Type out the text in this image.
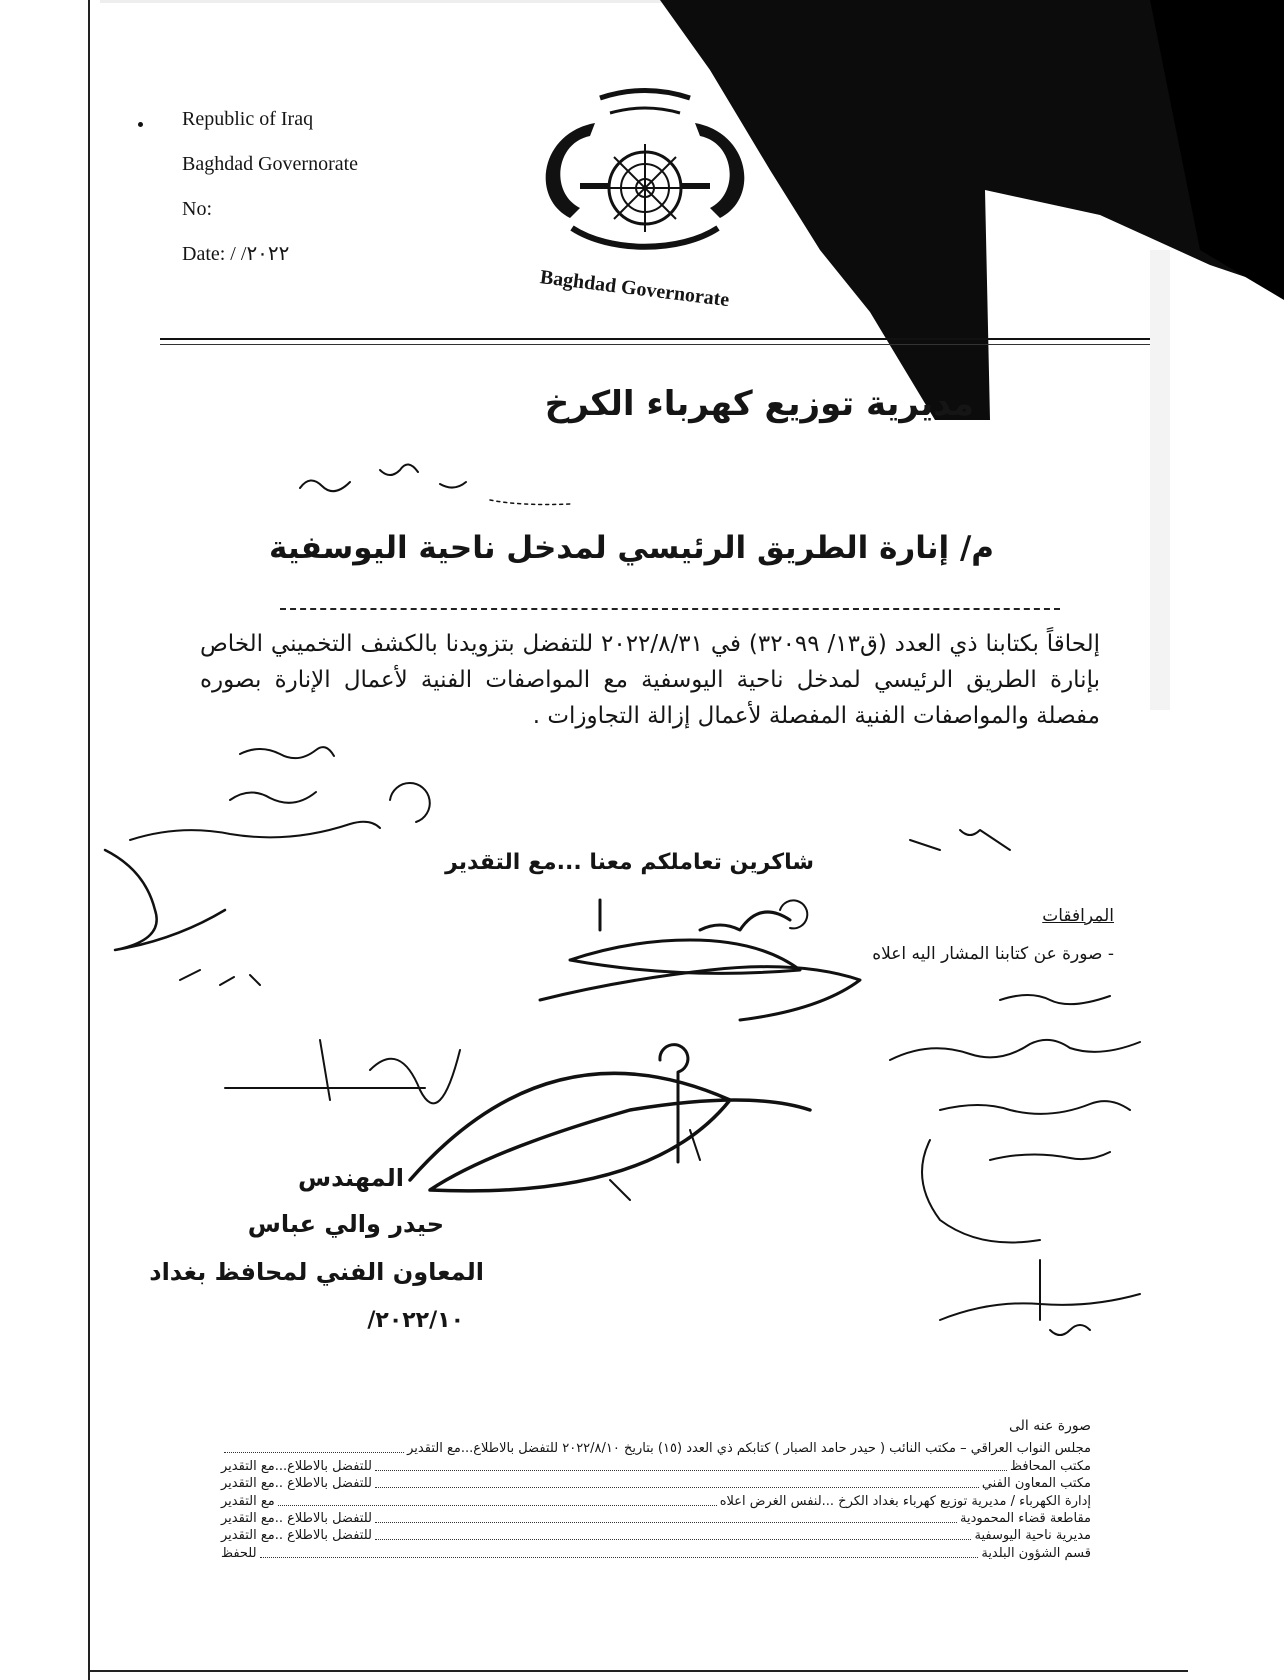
Republic of Iraq
Baghdad Governorate
No:
Date: / /٢٠٢٢
Baghdad Governorate
مديرية توزيع كهرباء الكرخ
م/ إنارة الطريق الرئيسي لمدخل ناحية اليوسفية
إلحاقاً بكتابنا ذي العدد (ق١٣/ ٣٢٠٩٩) في ٢٠٢٢/٨/٣١ للتفضل بتزويدنا بالكشف التخميني الخاص بإنارة الطريق الرئيسي لمدخل ناحية اليوسفية مع المواصفات الفنية لأعمال الإنارة بصوره مفصلة والمواصفات الفنية المفصلة لأعمال إزالة التجاوزات .
شاكرين تعاملكم معنا ...مع التقدير
المرافقات
- صورة عن كتابنا المشار اليه اعلاه
المهندس
حيدر والي عباس
المعاون الفني لمحافظ بغداد
٢٠٢٢/١٠/
صورة عنه الى
مجلس النواب العراقي – مكتب النائب ( حيدر حامد الصبار ) كتابكم ذي العدد (١٥) بتاريخ ٢٠٢٢/٨/١٠ للتفضل بالاطلاع...مع التقدير
مكتب المحافظ
للتفضل بالاطلاع...مع التقدير
مكتب المعاون الفني
للتفضل بالاطلاع ..مع التقدير
إدارة الكهرباء / مديرية توزيع كهرباء بغداد الكرخ ...لنفس الغرض اعلاه
مع التقدير
مقاطعة قضاء المحمودية
للتفضل بالاطلاع ..مع التقدير
مديرية ناحية اليوسفية
للتفضل بالاطلاع ..مع التقدير
قسم الشؤون البلدية
للحفظ
